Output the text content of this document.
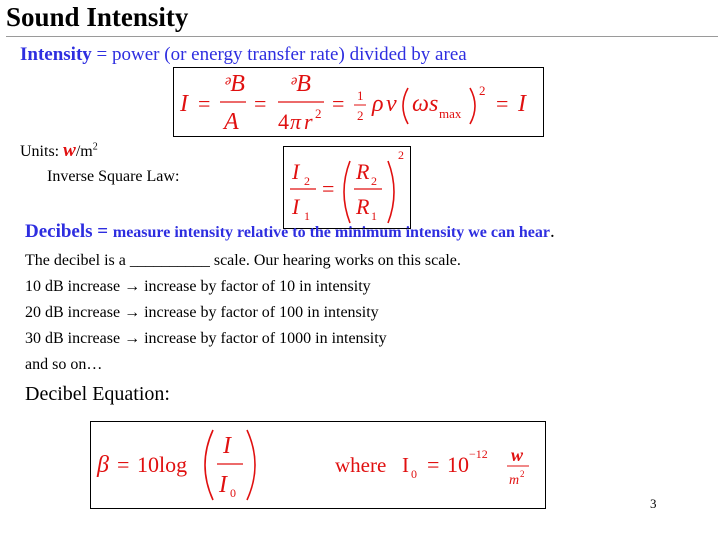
Sound Intensity
Intensity = power (or energy transfer rate) divided by area
I =
ᵊB
A
=
ᵊB
4 π r 2 = 1
2 ρ v ω s max
2
= I
Units: $w/m^2$
Inverse Square Law:	I 2
I 1
=
R 2
R 1
2
Decibels = measure intensity relative to the minimum intensity we can hear.
The decibel is a __________ scale. Our hearing works on this scale.
10 dB increase → increase by factor of 10 in intensity
20 dB increase → increase by factor of 100 in intensity
30 dB increase → increase by factor of 1000 in intensity
and so on…
Decibel Equation:
β = 10log
I
I 0
where I 0 = 10 −12 w
m 2
3
